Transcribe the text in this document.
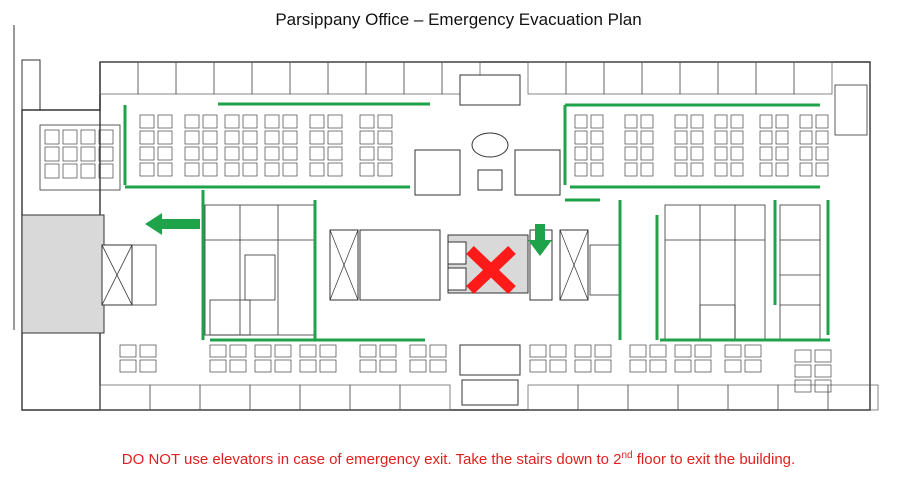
Parsippany Office – Emergency Evacuation Plan
DO NOT use elevators in case of emergency exit. Take the stairs down to 2nd floor to exit the building.
